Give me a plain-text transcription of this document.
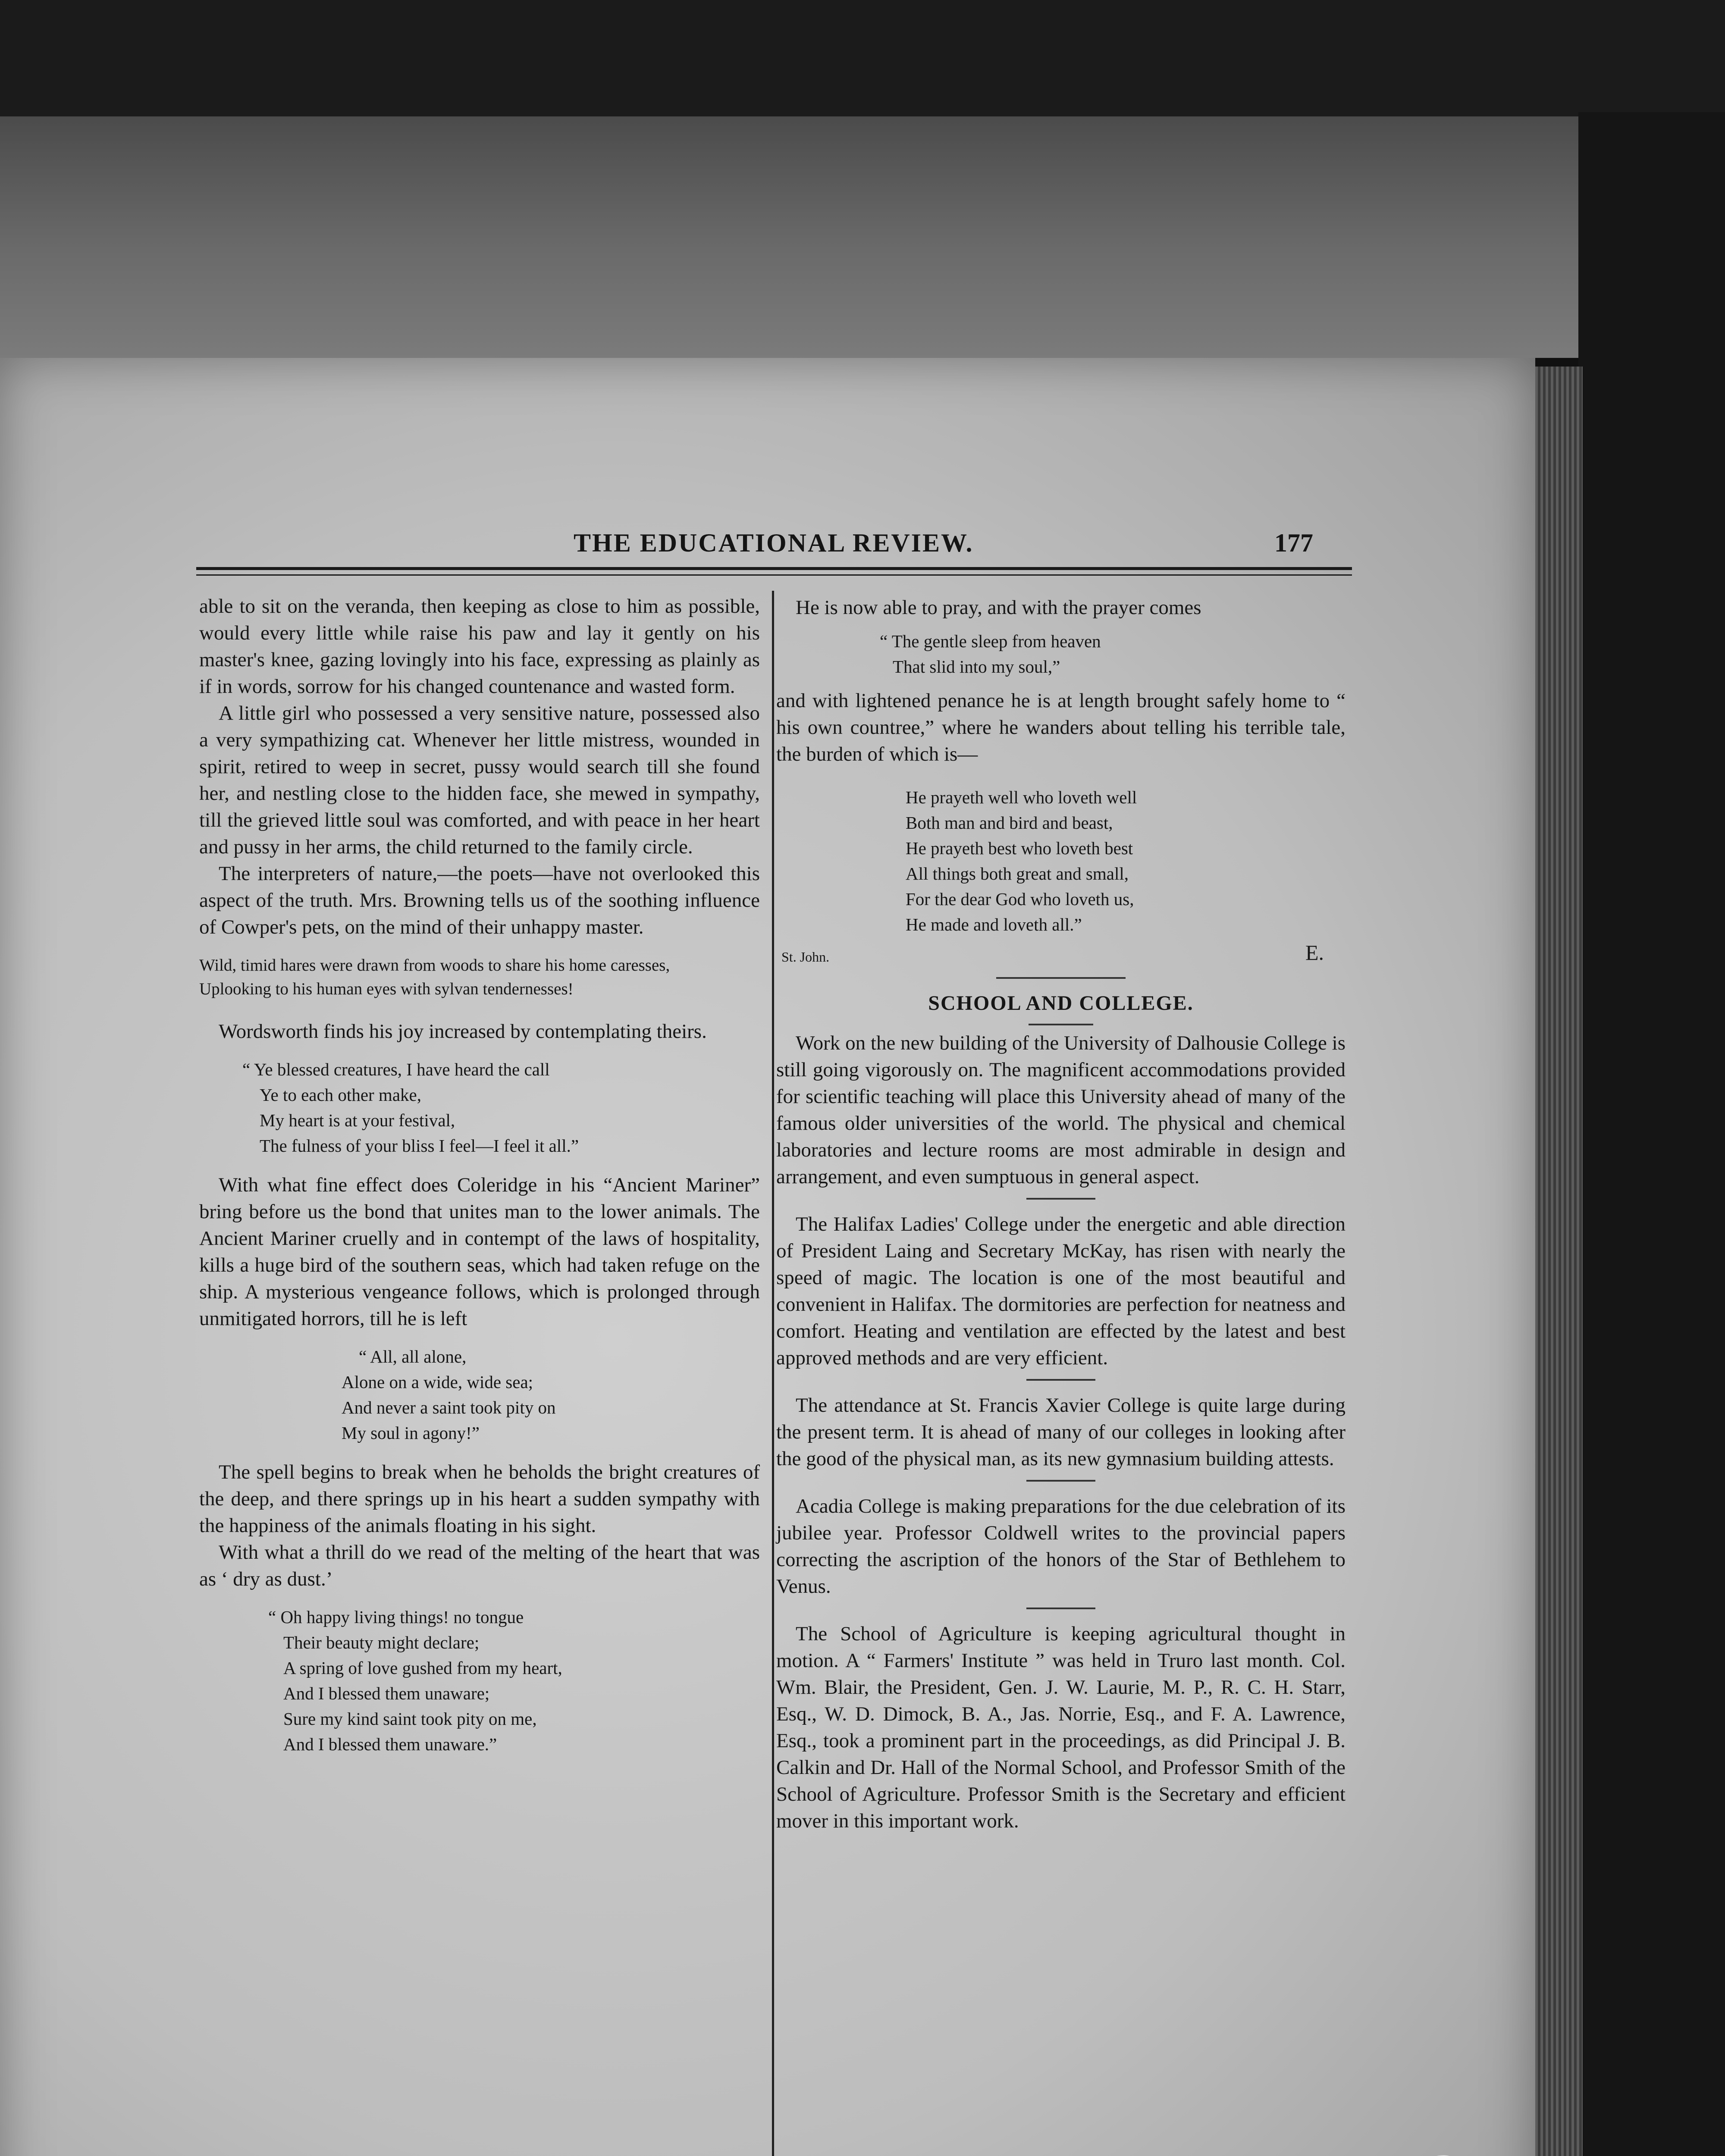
THE EDUCATIONAL REVIEW.	177

able to sit on the veranda, then keeping as close to him as possible, would every little while raise his paw and lay it gently on his master's knee, gazing lovingly into his face, expressing as plainly as if in words, sorrow for his changed countenance and wasted form.

A little girl who possessed a very sensitive nature, possessed also a very sympathizing cat. Whenever her little mistress, wounded in spirit, retired to weep in secret, pussy would search till she found her, and nestling close to the hidden face, she mewed in sympathy, till the grieved little soul was comforted, and with peace in her heart and pussy in her arms, the child returned to the family circle.

The interpreters of nature,—the poets—have not overlooked this aspect of the truth. Mrs. Browning tells us of the soothing influence of Cowper's pets, on the mind of their unhappy master.

Wild, timid hares were drawn from woods to share his home caresses,
Uplooking to his human eyes with sylvan tendernesses!

Wordsworth finds his joy increased by contemplating theirs.

“ Ye blessed creatures, I have heard the call
Ye to each other make,
My heart is at your festival,
The fulness of your bliss I feel—I feel it all.”

With what fine effect does Coleridge in his “Ancient Mariner” bring before us the bond that unites man to the lower animals. The Ancient Mariner cruelly and in contempt of the laws of hospitality, kills a huge bird of the southern seas, which had taken refuge on the ship. A mysterious vengeance follows, which is prolonged through unmitigated horrors, till he is left

“ All, all alone,
Alone on a wide, wide sea;
And never a saint took pity on
My soul in agony!”

The spell begins to break when he beholds the bright creatures of the deep, and there springs up in his heart a sudden sympathy with the happiness of the animals floating in his sight.

With what a thrill do we read of the melting of the heart that was as ‘ dry as dust.’

“ Oh happy living things! no tongue
Their beauty might declare;
A spring of love gushed from my heart,
And I blessed them unaware;
Sure my kind saint took pity on me,
And I blessed them unaware.”

He is now able to pray, and with the prayer comes

“ The gentle sleep from heaven
That slid into my soul,”

and with lightened penance he is at length brought safely home to “ his own countree,” where he wanders about telling his terrible tale, the burden of which is—

He prayeth well who loveth well
Both man and bird and beast,
He prayeth best who loveth best
All things both great and small,
For the dear God who loveth us,
He made and loveth all.”
St. John.	E.
SCHOOL AND COLLEGE.

Work on the new building of the University of Dalhousie College is still going vigorously on. The magnificent accommodations provided for scientific teaching will place this University ahead of many of the famous older universities of the world. The physical and chemical laboratories and lecture rooms are most admirable in design and arrangement, and even sumptuous in general aspect.

The Halifax Ladies' College under the energetic and able direction of President Laing and Secretary McKay, has risen with nearly the speed of magic. The location is one of the most beautiful and convenient in Halifax. The dormitories are perfection for neatness and comfort. Heating and ventilation are effected by the latest and best approved methods and are very efficient.

The attendance at St. Francis Xavier College is quite large during the present term. It is ahead of many of our colleges in looking after the good of the physical man, as its new gymnasium building attests.

Acadia College is making preparations for the due celebration of its jubilee year. Professor Coldwell writes to the provincial papers correcting the ascription of the honors of the Star of Bethlehem to Venus.

The School of Agriculture is keeping agricultural thought in motion. A “ Farmers' Institute ” was held in Truro last month. Col. Wm. Blair, the President, Gen. J. W. Laurie, M. P., R. C. H. Starr, Esq., W. D. Dimock, B. A., Jas. Norrie, Esq., and F. A. Lawrence, Esq., took a prominent part in the proceedings, as did Principal J. B. Calkin and Dr. Hall of the Normal School, and Professor Smith of the School of Agriculture. Professor Smith is the Secretary and efficient mover in this important work.
